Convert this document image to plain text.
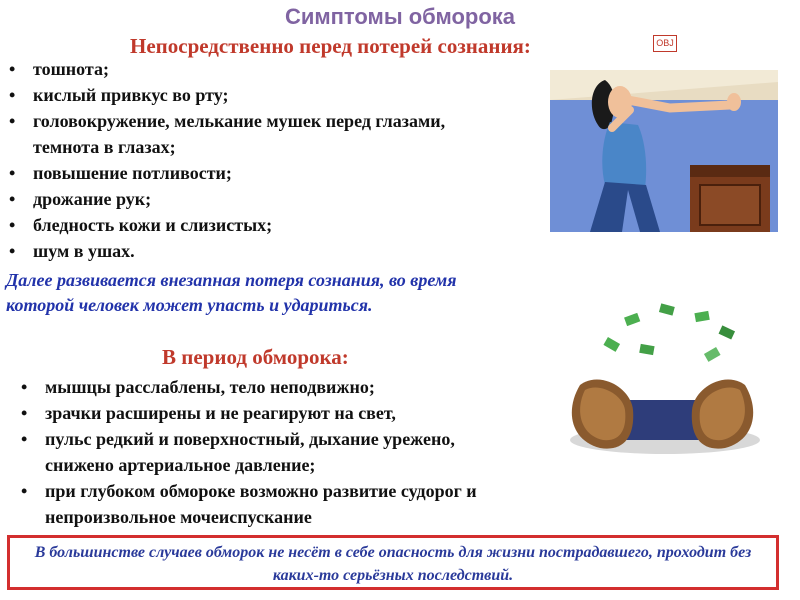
Симптомы обморока
Непосредственно перед потерей сознания:	OBJ
• тошнота;
• кислый привкус во рту;
• головокружение, мелькание мушек перед глазами, темнота в глазах;
• повышение потливости;
• дрожание рук;
• бледность кожи и слизистых;
• шум в ушах.
Далее развивается внезапная потеря сознания, во время которой человек может упасть и удариться.
В период обморока:
• мышцы расслаблены, тело неподвижно;
• зрачки расширены и не реагируют на свет,
• пульс редкий и поверхностный, дыхание урежено, снижено артериальное давление;
• при глубоком обмороке возможно развитие судорог и непроизвольное мочеиспускание
В большинстве случаев обморок не несёт в себе опасность для жизни пострадавшего, проходит без каких-то серьёзных последствий.
